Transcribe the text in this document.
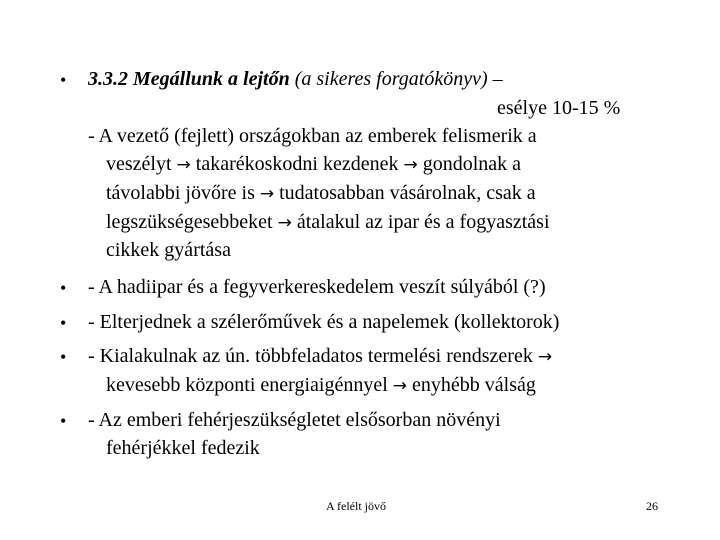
• 3.3.2 Megállunk a lejtőn (a sikeres forgatókönyv) –
esélye 10-15 %
- A vezető (fejlett) országokban az emberek felismerik a
veszélyt → takarékoskodni kezdenek → gondolnak a
távolabbi jövőre is → tudatosabban vásárolnak, csak a
legszükségesebbeket → átalakul az ipar és a fogyasztási
cikkek gyártása
• - A hadiipar és a fegyverkereskedelem veszít súlyából (?)
• - Elterjednek a szélerőművek és a napelemek (kollektorok)
• - Kialakulnak az ún. többfeladatos termelési rendszerek →
kevesebb központi energiaigénnyel → enyhébb válság
• - Az emberi fehérjeszükségletet elsősorban növényi
fehérjékkel fedezik
A felélt jövő	26
